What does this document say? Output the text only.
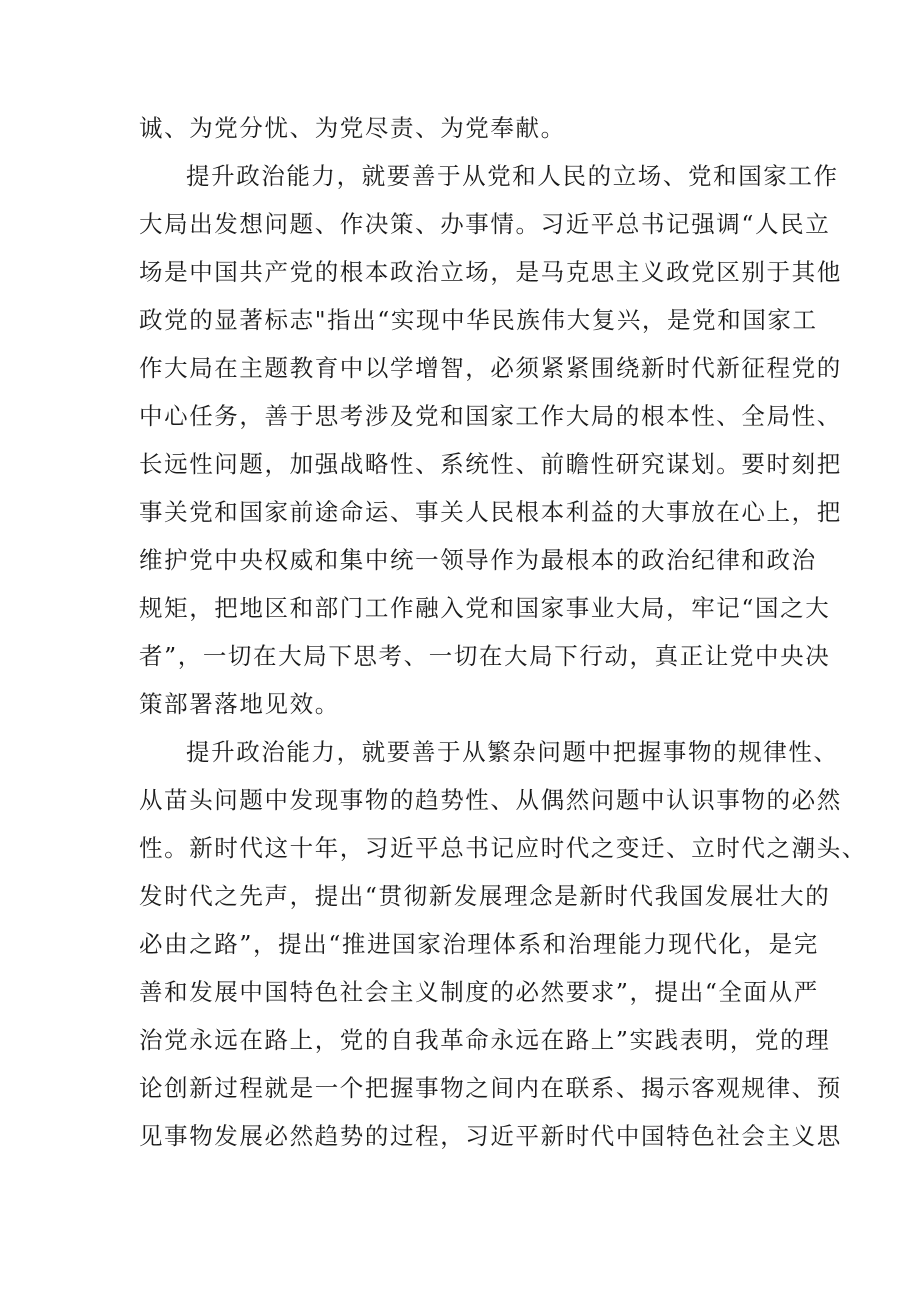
诚、为党分忧、为党尽责、为党奉献。
提升政治能力，就要善于从党和人民的立场、党和国家工作
大局出发想问题、作决策、办事情。习近平总书记强调“人民立
场是中国共产党的根本政治立场，是马克思主义政党区别于其他
政党的显著标志"指出“实现中华民族伟大复兴，是党和国家工
作大局在主题教育中以学增智，必须紧紧围绕新时代新征程党的
中心任务，善于思考涉及党和国家工作大局的根本性、全局性、
长远性问题，加强战略性、系统性、前瞻性研究谋划。要时刻把
事关党和国家前途命运、事关人民根本利益的大事放在心上，把
维护党中央权威和集中统一领导作为最根本的政治纪律和政治
规矩，把地区和部门工作融入党和国家事业大局，牢记“国之大
者”，一切在大局下思考、一切在大局下行动，真正让党中央决
策部署落地见效。
提升政治能力，就要善于从繁杂问题中把握事物的规律性、
从苗头问题中发现事物的趋势性、从偶然问题中认识事物的必然
性。新时代这十年，习近平总书记应时代之变迁、立时代之潮头、
发时代之先声，提出“贯彻新发展理念是新时代我国发展壮大的
必由之路”，提出“推进国家治理体系和治理能力现代化，是完
善和发展中国特色社会主义制度的必然要求”，提出“全面从严
治党永远在路上，党的自我革命永远在路上”实践表明，党的理
论创新过程就是一个把握事物之间内在联系、揭示客观规律、预
见事物发展必然趋势的过程，习近平新时代中国特色社会主义思
